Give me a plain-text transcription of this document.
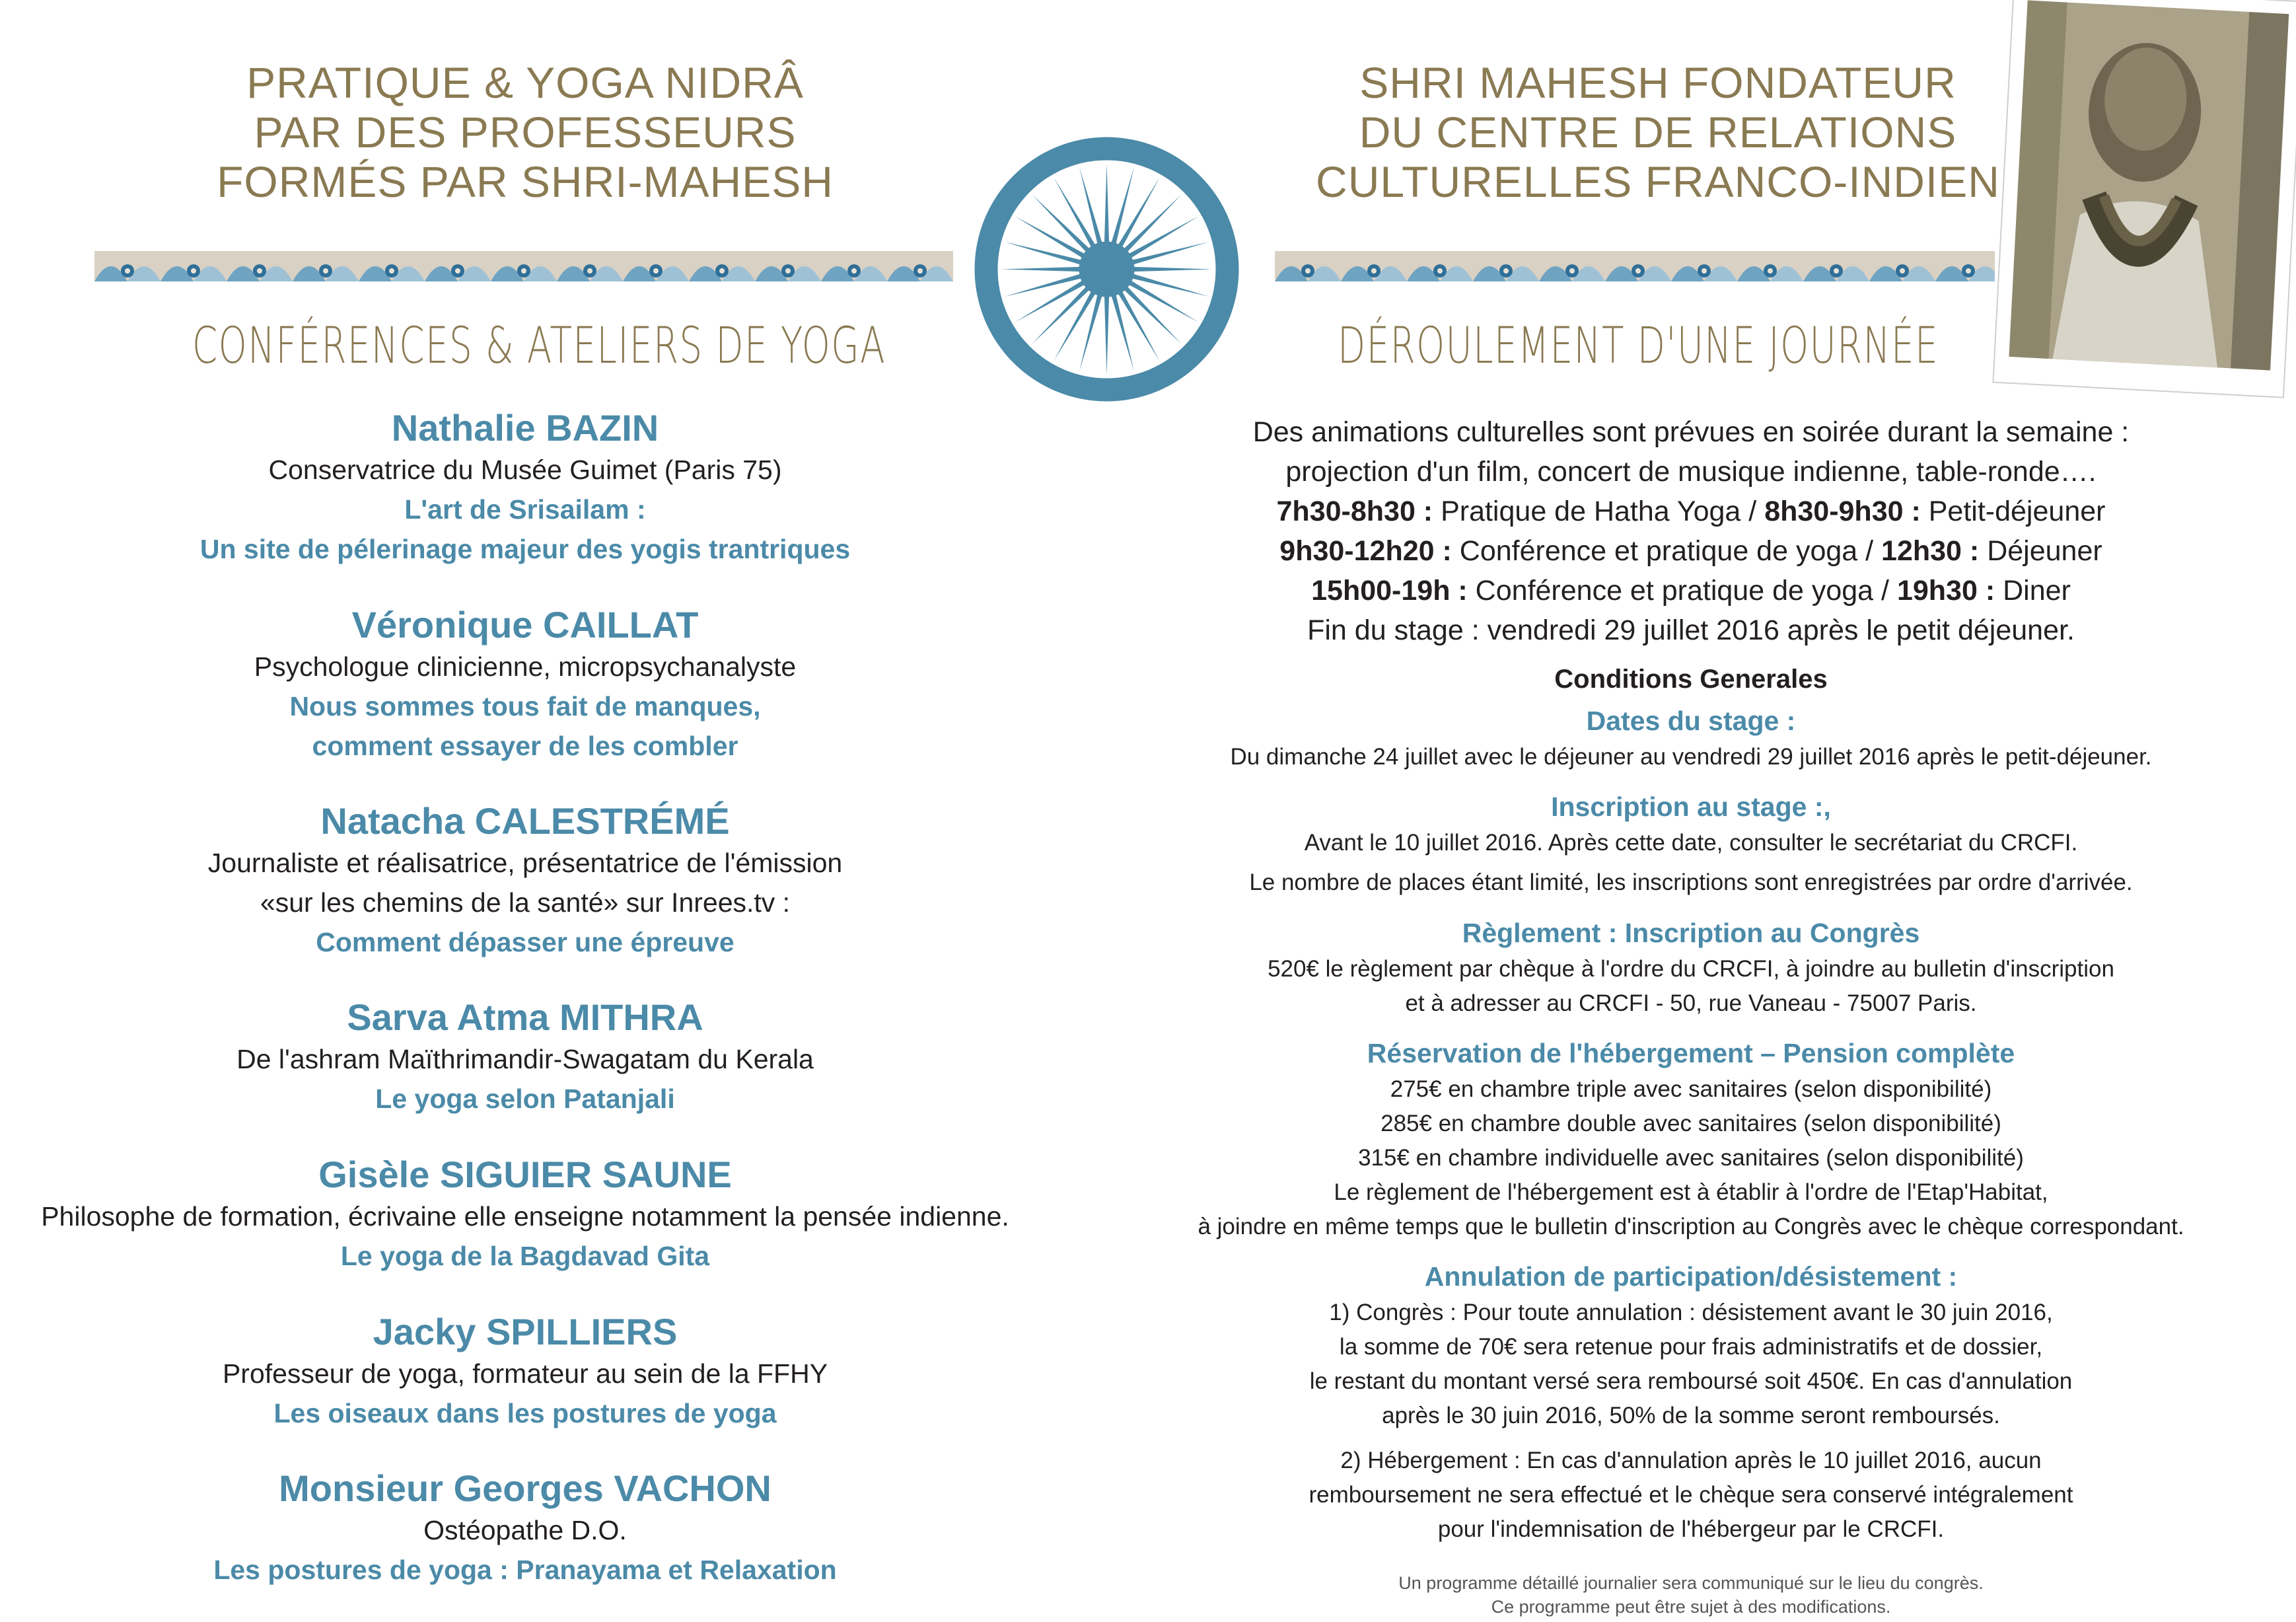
PRATIQUE & YOGA NIDRÂ
PAR DES PROFESSEURS
FORMÉS PAR SHRI-MAHESH
SHRI MAHESH FONDATEUR
DU CENTRE DE RELATIONS
CULTURELLES FRANCO-INDIEN
CONFÉRENCES & ATELIERS DE YOGA	DÉROULEMENT D'UNE JOURNÉE
Nathalie BAZIN
Conservatrice du Musée Guimet (Paris 75)
L'art de Srisailam :
Un site de pélerinage majeur des yogis trantriques
Véronique CAILLAT
Psychologue clinicienne, micropsychanalyste
Nous sommes tous fait de manques,
comment essayer de les combler
Natacha CALESTRÉMÉ
Journaliste et réalisatrice, présentatrice de l'émission
«sur les chemins de la santé» sur Inrees.tv :
Comment dépasser une épreuve
Sarva Atma MITHRA
De l'ashram Maïthrimandir-Swagatam du Kerala
Le yoga selon Patanjali
Gisèle SIGUIER SAUNE
Philosophe de formation, écrivaine elle enseigne notamment la pensée indienne.
Le yoga de la Bagdavad Gita
Jacky SPILLIERS
Professeur de yoga, formateur au sein de la FFHY
Les oiseaux dans les postures de yoga
Monsieur Georges VACHON
Ostéopathe D.O.
Les postures de yoga : Pranayama et Relaxation
Des animations culturelles sont prévues en soirée durant la semaine :
projection d'un film, concert de musique indienne, table-ronde….
7h30-8h30 : Pratique de Hatha Yoga / 8h30-9h30 : Petit-déjeuner
9h30-12h20 : Conférence et pratique de yoga / 12h30 : Déjeuner
15h00-19h : Conférence et pratique de yoga / 19h30 : Diner
Fin du stage : vendredi 29 juillet 2016 après le petit déjeuner.
Conditions Generales
Dates du stage :
Du dimanche 24 juillet avec le déjeuner au vendredi 29 juillet 2016 après le petit-déjeuner.
Inscription au stage :,
Avant le 10 juillet 2016. Après cette date, consulter le secrétariat du CRCFI.
Le nombre de places étant limité, les inscriptions sont enregistrées par ordre d'arrivée.
Règlement : Inscription au Congrès
520€ le règlement par chèque à l'ordre du CRCFI, à joindre au bulletin d'inscription
et à adresser au CRCFI - 50, rue Vaneau - 75007 Paris.
Réservation de l'hébergement – Pension complète
275€ en chambre triple avec sanitaires (selon disponibilité)
285€ en chambre double avec sanitaires (selon disponibilité)
315€ en chambre individuelle avec sanitaires (selon disponibilité)
Le règlement de l'hébergement est à établir à l'ordre de l'Etap'Habitat,
à joindre en même temps que le bulletin d'inscription au Congrès avec le chèque correspondant.
Annulation de participation/désistement :
1) Congrès : Pour toute annulation : désistement avant le 30 juin 2016,
la somme de 70€ sera retenue pour frais administratifs et de dossier,
le restant du montant versé sera remboursé soit 450€. En cas d'annulation
après le 30 juin 2016, 50% de la somme seront remboursés.
2) Hébergement : En cas d'annulation après le 10 juillet 2016, aucun
remboursement ne sera effectué et le chèque sera conservé intégralement
pour l'indemnisation de l'hébergeur par le CRCFI.
Un programme détaillé journalier sera communiqué sur le lieu du congrès.
Ce programme peut être sujet à des modifications.
